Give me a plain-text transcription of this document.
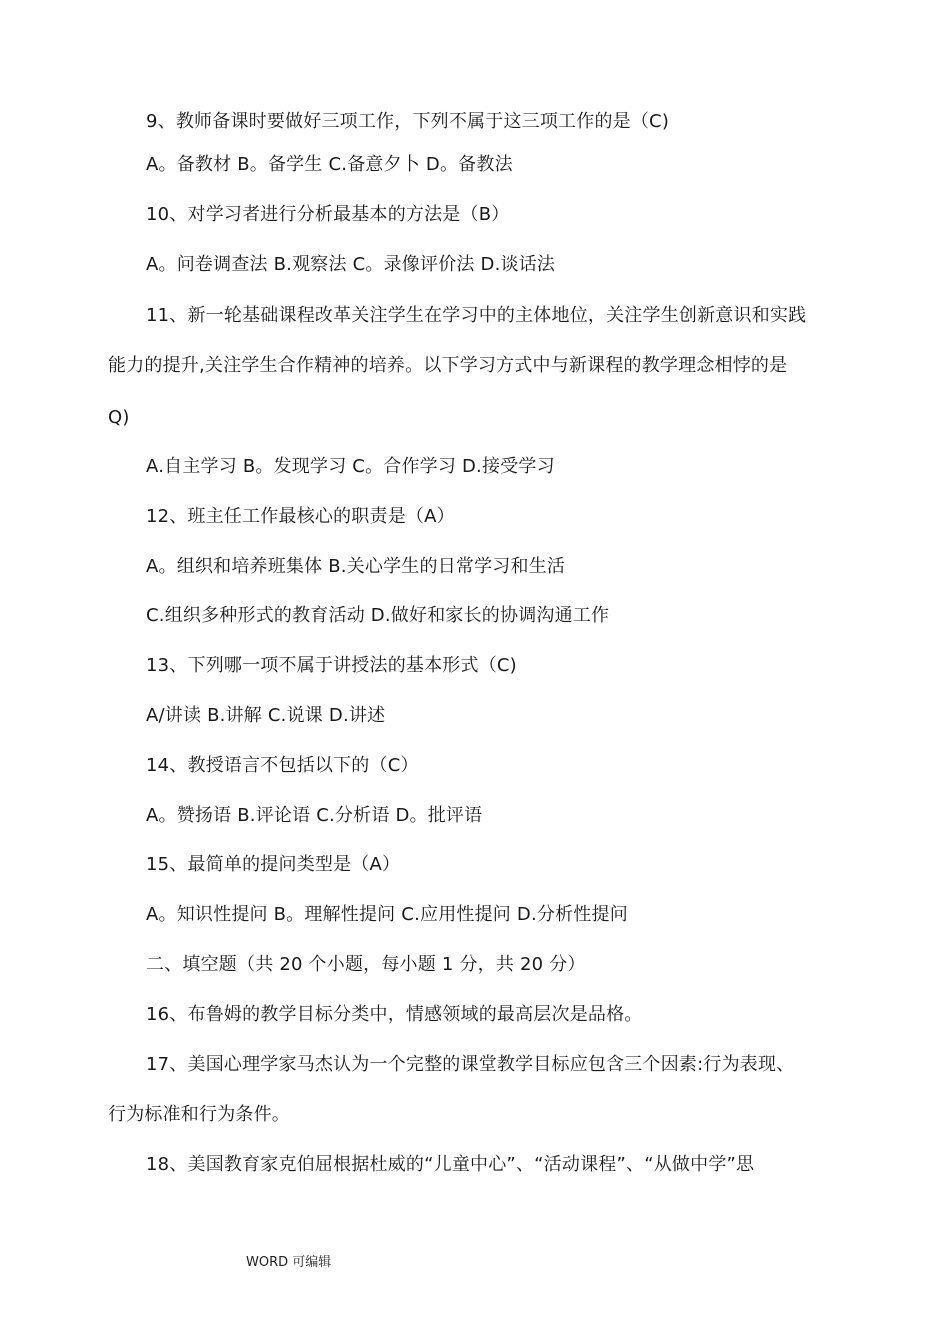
9、教师备课时要做好三项工作，下列不属于这三项工作的是（C)
A。备教材 B。备学生 C.备意夕卜 D。备教法
10、对学习者进行分析最基本的方法是（B）
A。问卷调查法 B.观察法 C。录像评价法 D.谈话法
11、新一轮基础课程改革关注学生在学习中的主体地位，关注学生创新意识和实践
能力的提升,关注学生合作精神的培养。以下学习方式中与新课程的教学理念相悖的是
Q)
A.自主学习 B。发现学习 C。合作学习 D.接受学习
12、班主任工作最核心的职责是（A）
A。组织和培养班集体 B.关心学生的日常学习和生活
C.组织多种形式的教育活动 D.做好和家长的协调沟通工作
13、下列哪一项不属于讲授法的基本形式（C)
A/讲读 B.讲解 C.说课 D.讲述
14、教授语言不包括以下的（C）
A。赞扬语 B.评论语 C.分析语 D。批评语
15、最简单的提问类型是（A）
A。知识性提问 B。理解性提问 C.应用性提问 D.分析性提问
二、填空题（共 20 个小题，每小题 1 分，共 20 分）
16、布鲁姆的教学目标分类中，情感领域的最高层次是品格。
17、美国心理学家马杰认为一个完整的课堂教学目标应包含三个因素:行为表现、
行为标准和行为条件。
18、美国教育家克伯屈根据杜威的“儿童中心”、“活动课程”、“从做中学”思
WORD 可编辑
